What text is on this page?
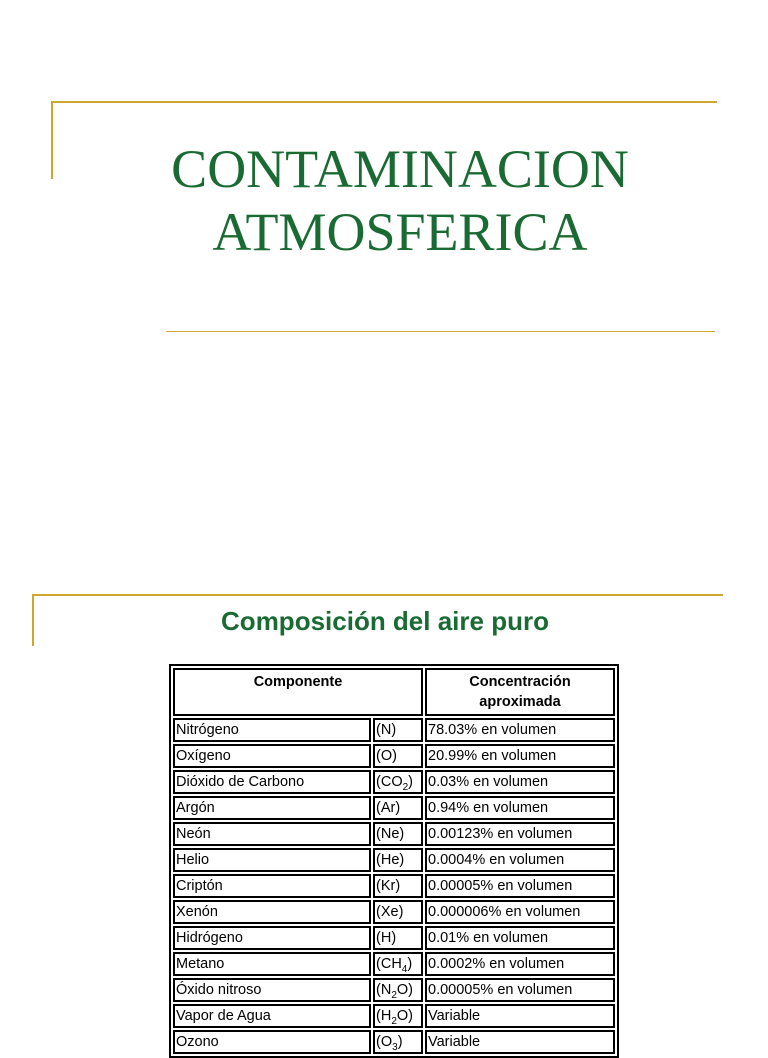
CONTAMINACION
ATMOSFERICA
Composición del aire puro
Componente		Concentración
aproximada
Nitrógeno	(N)	78.03% en volumen
Oxígeno	(O)	20.99% en volumen
Dióxido de Carbono	$(CO_2)$	0.03% en volumen
Argón	(Ar)	0.94% en volumen
Neón	(Ne)	0.00123% en volumen
Helio	(He)	0.0004% en volumen
Criptón	(Kr)	0.00005% en volumen
Xenón	(Xe)	0.000006% en volumen
Hidrógeno	(H)	0.01% en volumen
Metano	$(CH_4)$	0.0002% en volumen
Óxido nitroso	$(N_2O)$	0.00005% en volumen
Vapor de Agua	$(H_2O)$	Variable
Ozono	$(O_3)$	Variable
